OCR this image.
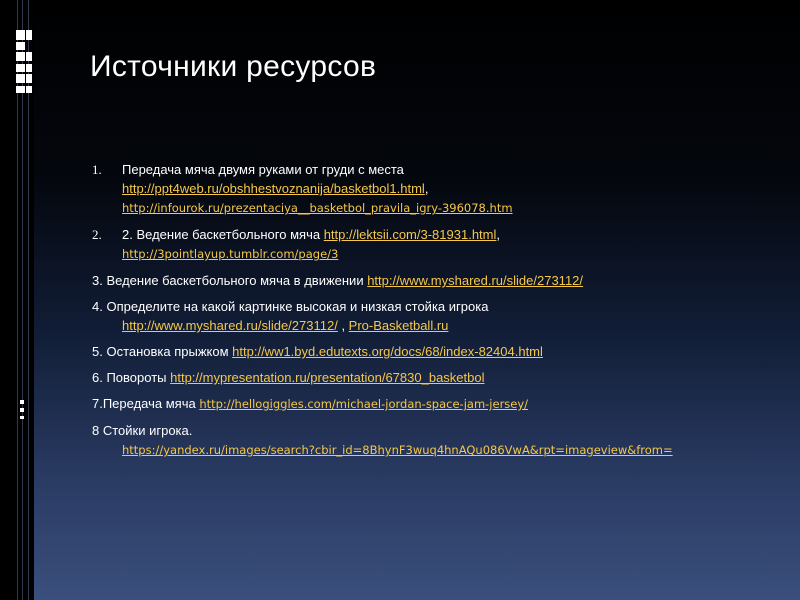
Источники ресурсов
1.	Передача мяча двумя руками от груди с места
http://ppt4web.ru/obshhestvoznanija/basketbol1.html,
http://infourok.ru/prezentaciya__basketbol_pravila_igry-396078.htm
2.	2. Ведение баскетбольного мяча http://lektsii.com/3-81931.html,
http://3pointlayup.tumblr.com/page/3
3. Ведение баскетбольного мяча в движении http://www.myshared.ru/slide/273112/
4. Определите на какой картинке высокая и низкая стойка игрока
http://www.myshared.ru/slide/273112/ , Pro-Basketball.ru
5. Остановка прыжком http://ww1.byd.edutexts.org/docs/68/index-82404.html
6. Повороты http://mypresentation.ru/presentation/67830_basketbol
7.Передача мяча http://hellogiggles.com/michael-jordan-space-jam-jersey/
8 Стойки игрока.
https://yandex.ru/images/search?cbir_id=8BhynF3wuq4hnAQu086VwA&rpt=imageview&from=
